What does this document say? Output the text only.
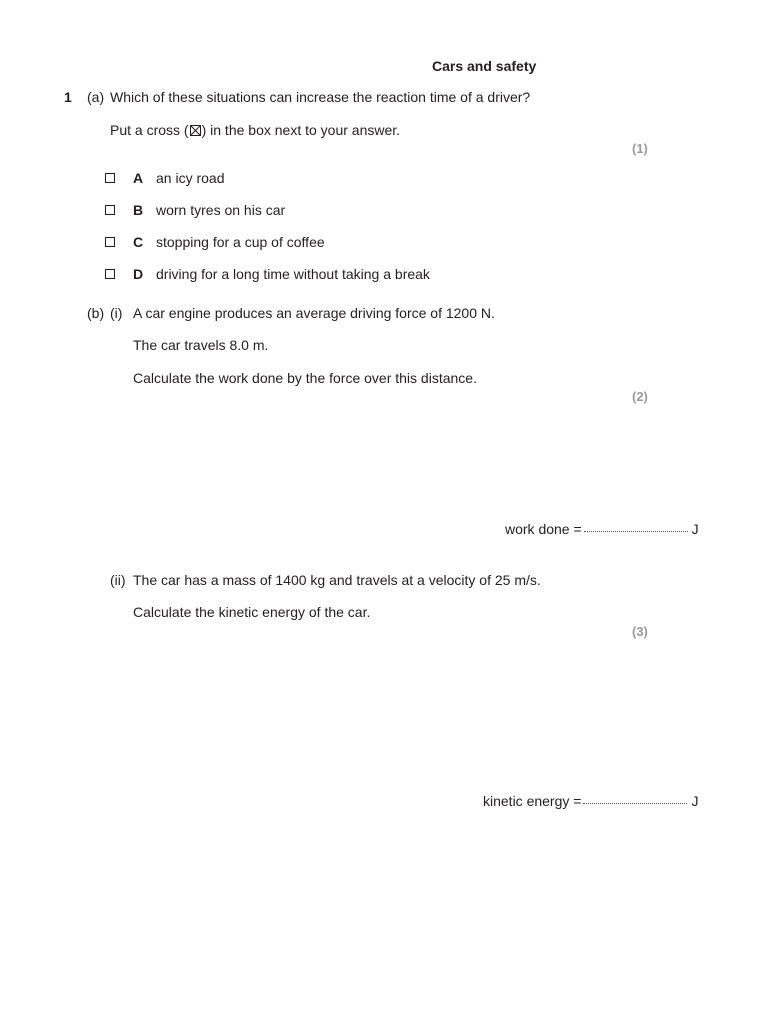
Cars and safety
1 (a) Which of these situations can increase the reaction time of a driver?
Put a cross (☒) in the box next to your answer.
(1)
A an icy road
B worn tyres on his car
C stopping for a cup of coffee
D driving for a long time without taking a break
(b) (i) A car engine produces an average driving force of 1200 N.
The car travels 8.0 m.
Calculate the work done by the force over this distance.
(2)
work done =	J
(ii) The car has a mass of 1400 kg and travels at a velocity of 25 m/s.
Calculate the kinetic energy of the car.
(3)
kinetic energy =	J
